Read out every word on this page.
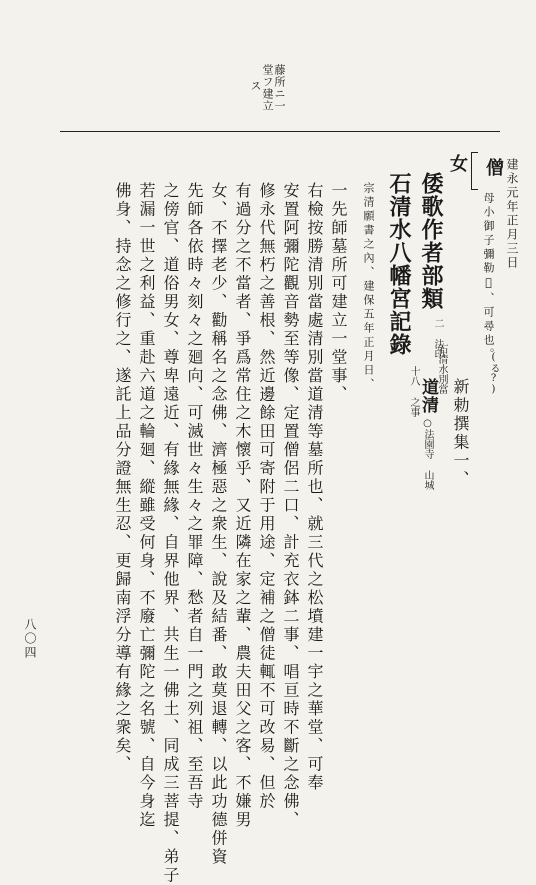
藤所ニ一
堂フ建立
ス
建永元年正月三日
僧
母小御子彌勒𢬺、可尋也。
(る?)
女
倭歌作者部類
二 法印
石清水別當
道清 新勅撰集一、
石清水八幡宮記錄
十八 之事
○法園寺 山城
宗清願書之內、建保五年正月日、
一先師墓所可建立一堂事、
右檢按勝清別當處清別當道清等墓所也、就三代之松墳建一宇之華堂、可奉
安置阿彌陀觀音勢至等像、定置僧侶二口、計充衣鉢二事、唱亘時不斷之念佛、
修永代無朽之善根、然近邊餘田可寄附于用途、定補之僧徒輒不可改易、但於
有過分之不當者、爭爲常住之木懷乎、又近隣在家之輩、農夫田父之客、不嫌男
女、不擇老少、勸稱名之念佛、濟極惡之衆生、說及結番、敢莫退轉、以此功德併資
先師各依時々刻々之廻向、可滅世々生々之罪障、愁者自一門之列祖、至吾寺
之傍官、道俗男女、尊卑遠近、有緣無緣、自界他界、共生一佛土、同成三菩提、弟子
若漏一世之利益、重赴六道之輪廻、縱雖受何身、不廢亡彌陀之名號、自今身迄
佛身、持念之修行之、遂託上品分證無生忍、更歸南浮分導有緣之衆矣、
八〇四
